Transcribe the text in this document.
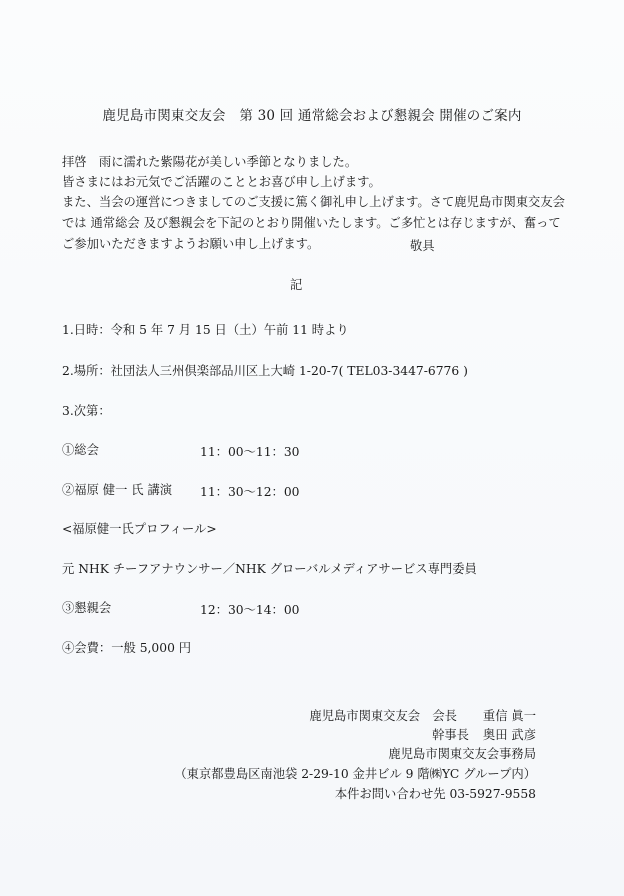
鹿児島市関東交友会　第 30 回 通常総会および懇親会 開催のご案内
拝啓　雨に濡れた紫陽花が美しい季節となりました。
皆さまにはお元気でご活躍のこととお喜び申し上げます。
また、当会の運営につきましてのご支援に篤く御礼申し上げます。さて鹿児島市関東交友会
では 通常総会 及び懇親会を下記のとおり開催いたします。ご多忙とは存じますが、奮って
ご参加いただきますようお願い申し上げます。	敬具
記
1.日時：令和 5 年 7 月 15 日（土）午前 11 時より
2.場所：社団法人三州倶楽部品川区上大崎 1-20-7( TEL03-3447-6776 )
3.次第：
①総会	11：00〜11：30
②福原 健一 氏 講演 11：30〜12：00
<福原健一氏プロフィール>
元 NHK チーフアナウンサー／NHK グローバルメディアサービス専門委員
③懇親会	12：30〜14：00
④会費：一般 5,000 円
鹿児島市関東交友会　会長 重信 眞一
幹事長 奥田 武彦
鹿児島市関東交友会事務局
（東京都豊島区南池袋 2-29-10 金井ビル 9 階㈱YC グループ内）
本件お問い合わせ先 03-5927-9558
